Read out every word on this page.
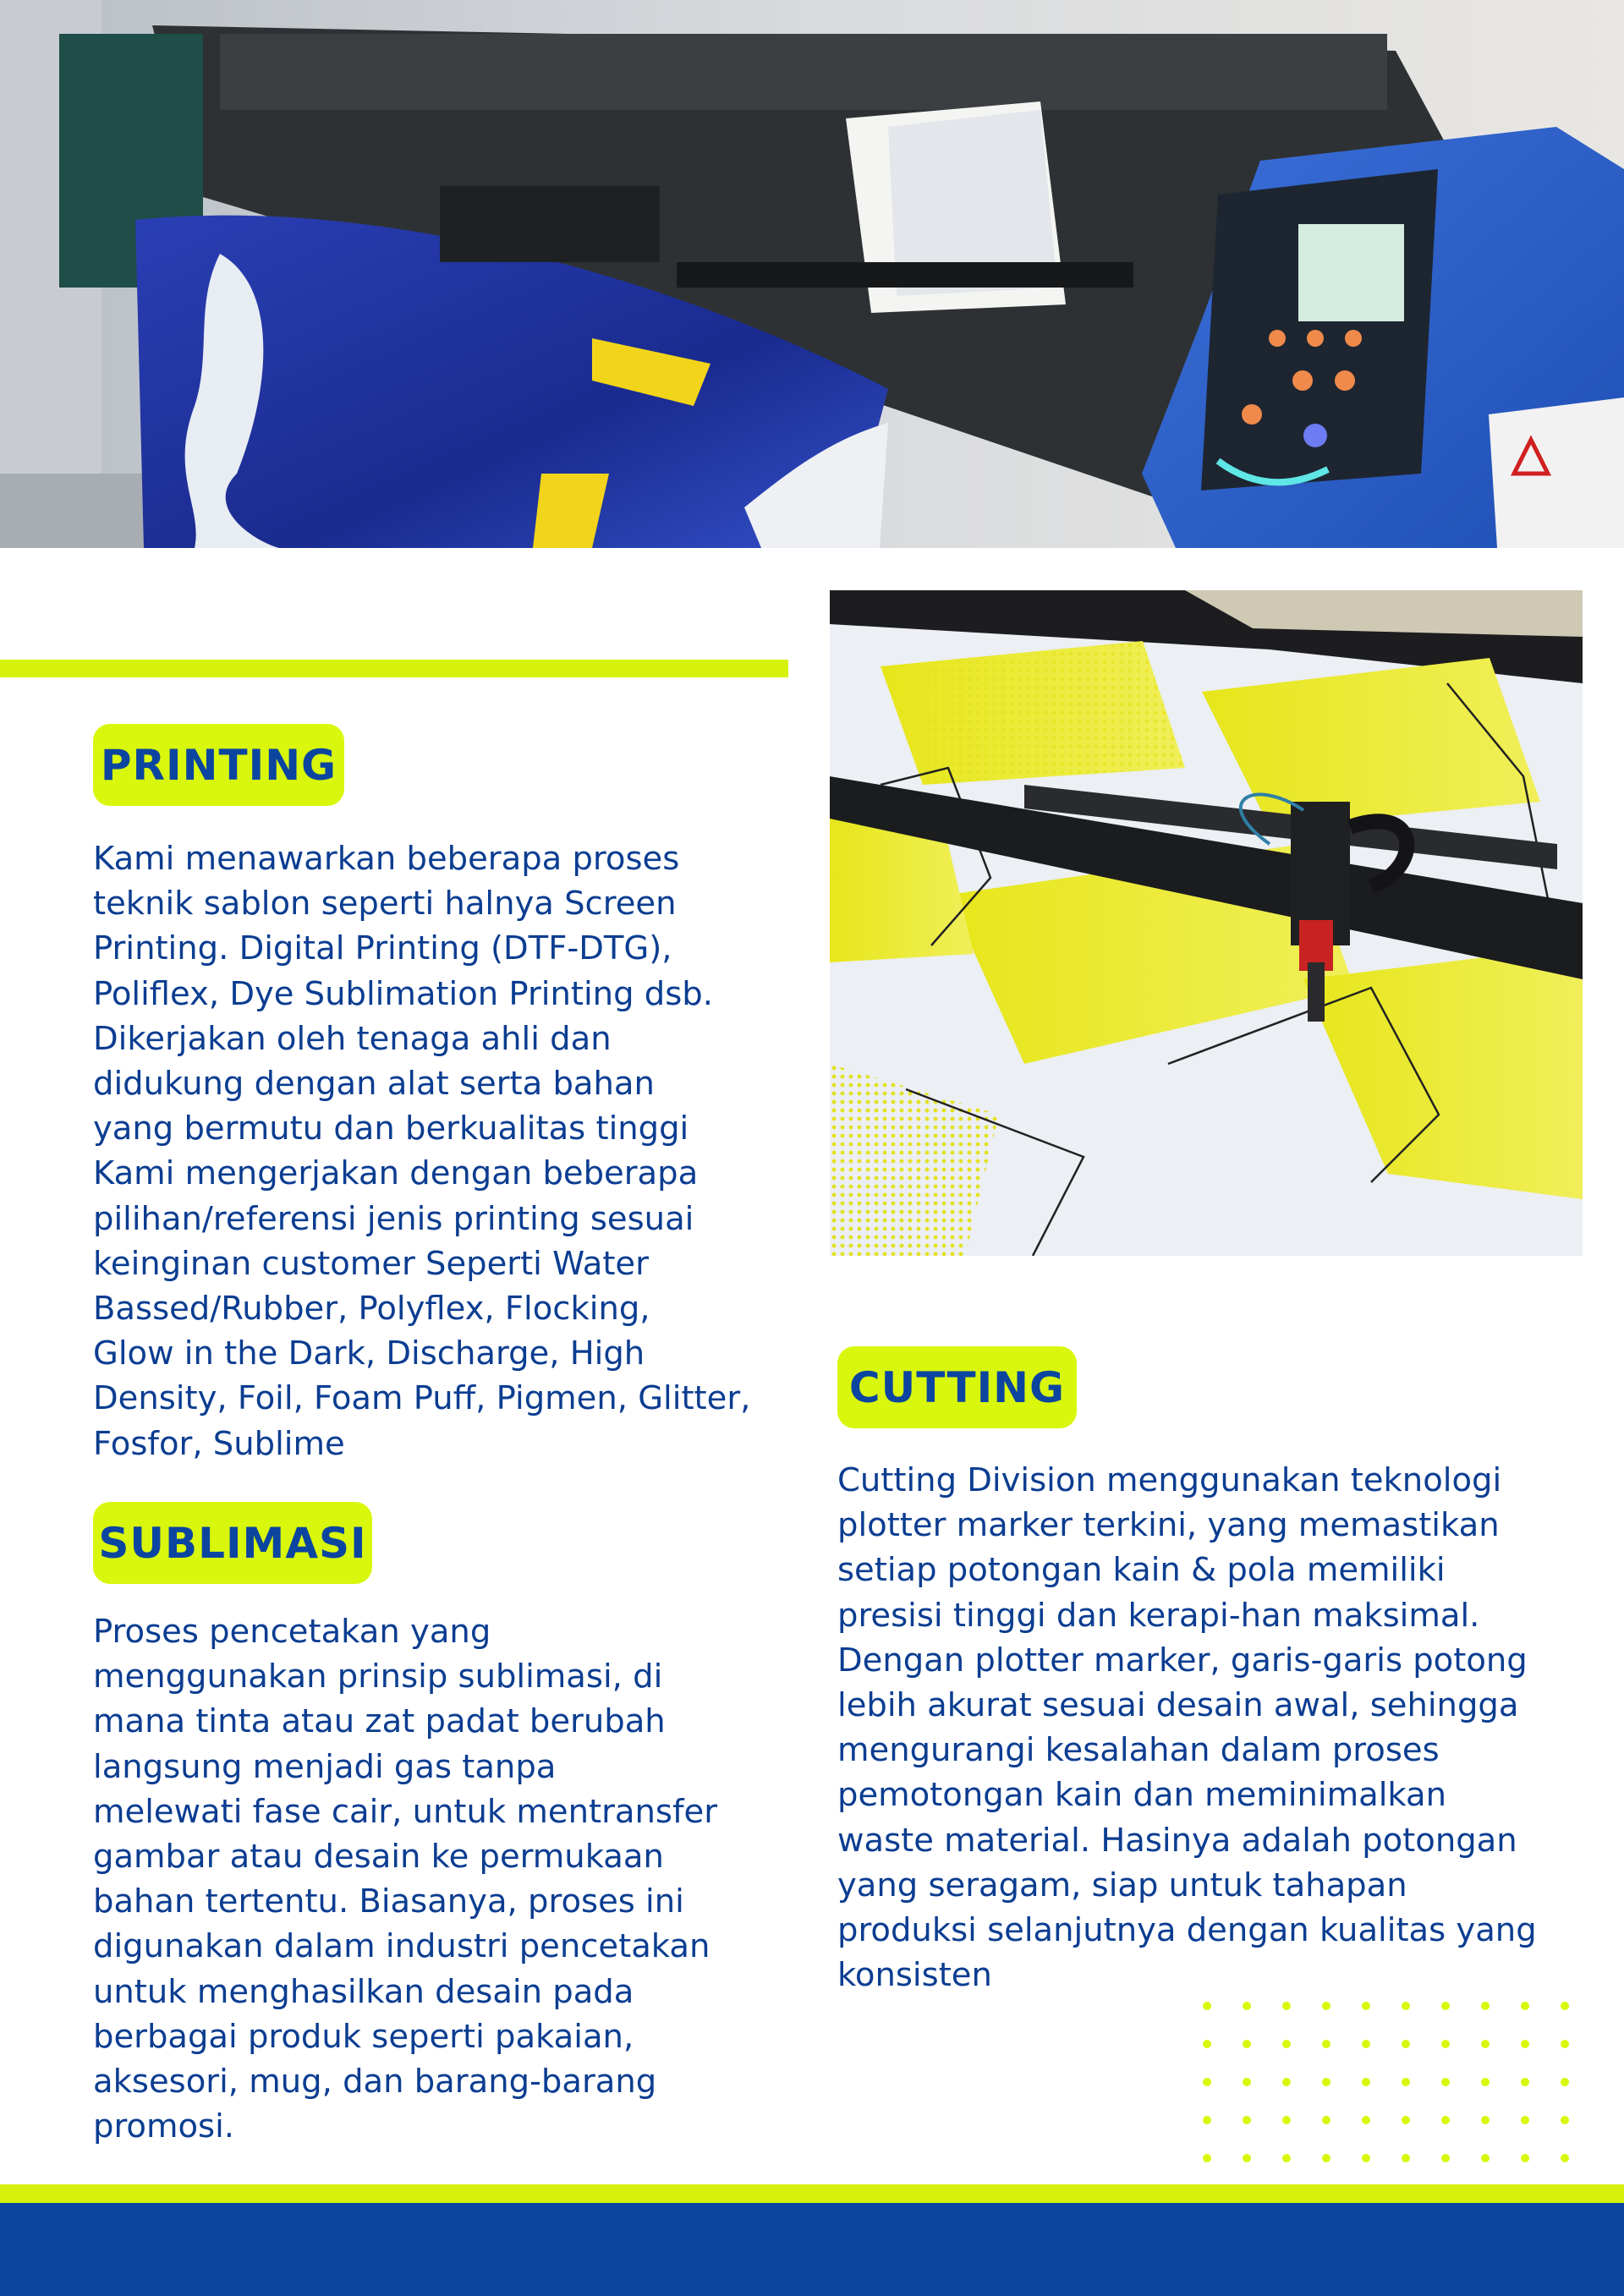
PRINTING
SUBLIMASI
CUTTING

Kami menawarkan beberapa proses
teknik sablon seperti halnya Screen
Printing. Digital Printing (DTF-DTG),
Poliflex, Dye Sublimation Printing dsb.
Dikerjakan oleh tenaga ahli dan
didukung dengan alat serta bahan
yang bermutu dan berkualitas tinggi
Kami mengerjakan dengan beberapa
pilihan/referensi jenis printing sesuai
keinginan customer Seperti Water
Bassed/Rubber, Polyflex, Flocking,
Glow in the Dark, Discharge, High
Density, Foil, Foam Puff, Pigmen, Glitter,
Fosfor, Sublime

Proses pencetakan yang
menggunakan prinsip sublimasi, di
mana tinta atau zat padat berubah
langsung menjadi gas tanpa
melewati fase cair, untuk mentransfer
gambar atau desain ke permukaan
bahan tertentu. Biasanya, proses ini
digunakan dalam industri pencetakan
untuk menghasilkan desain pada
berbagai produk seperti pakaian,
aksesori, mug, dan barang-barang
promosi.

Cutting Division menggunakan teknologi
plotter marker terkini, yang memastikan
setiap potongan kain & pola memiliki
presisi tinggi dan kerapi-han maksimal.
Dengan plotter marker, garis-garis potong
lebih akurat sesuai desain awal, sehingga
mengurangi kesalahan dalam proses
pemotongan kain dan meminimalkan
waste material. Hasinya adalah potongan
yang seragam, siap untuk tahapan
produksi selanjutnya dengan kualitas yang
konsisten
